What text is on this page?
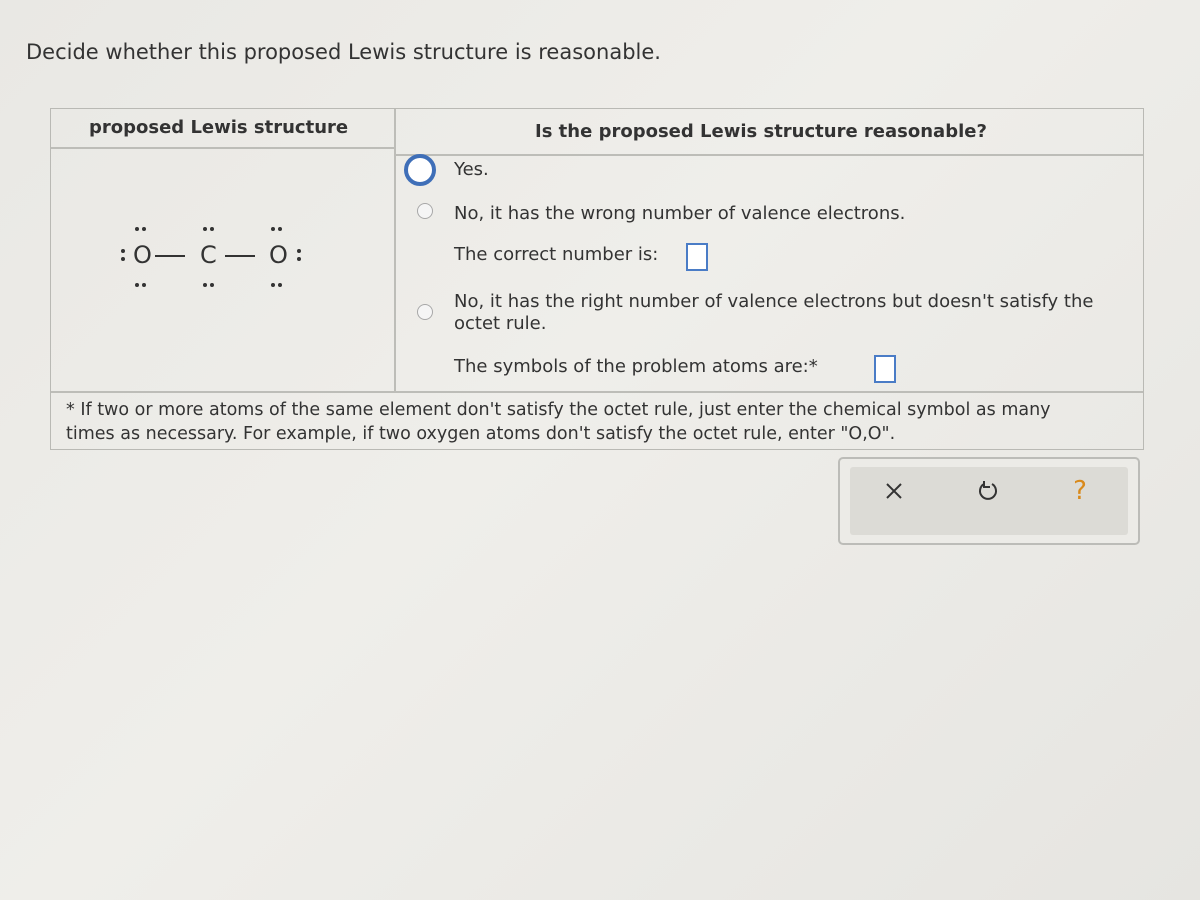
Decide whether this proposed Lewis structure is reasonable.
proposed Lewis structure	Is the proposed Lewis structure reasonable?
O C O
Yes.
No, it has the wrong number of valence electrons.
The correct number is:
No, it has the right number of valence electrons but doesn't satisfy the
octet rule.
The symbols of the problem atoms are:*
* If two or more atoms of the same element don't satisfy the octet rule, just enter the chemical symbol as many
times as necessary. For example, if two oxygen atoms don't satisfy the octet rule, enter "O,O".
?
